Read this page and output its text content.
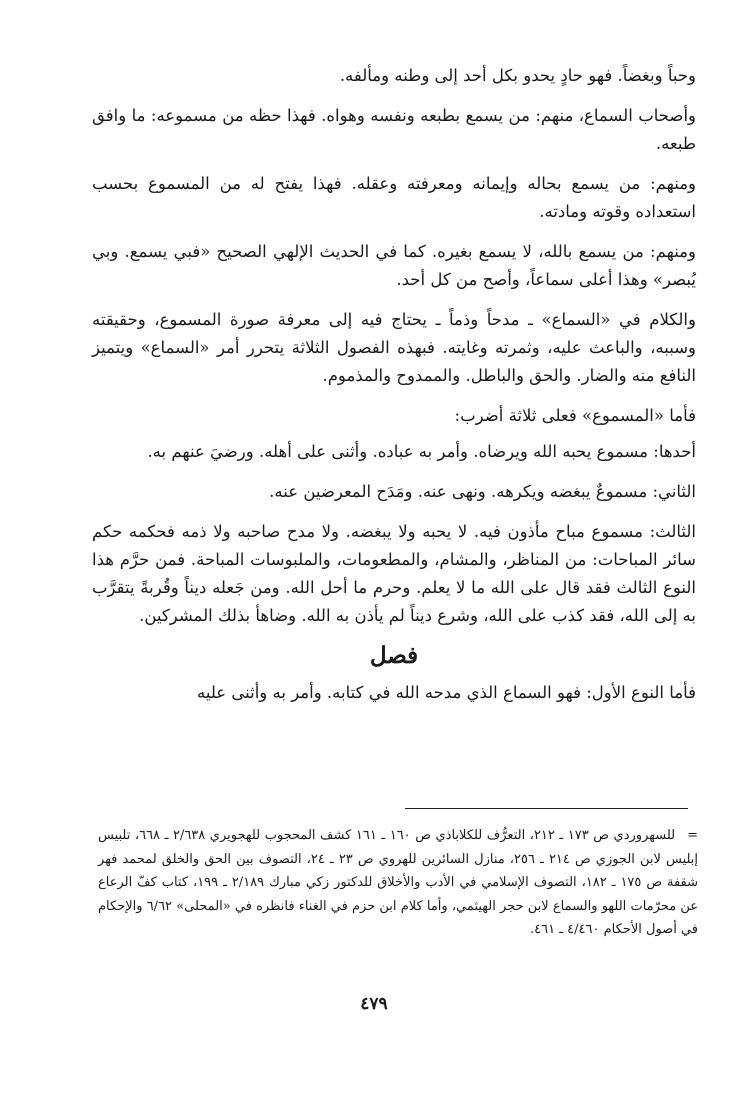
وحباً وبغضاً. فهو حادٍ يحدو بكل أحد إلى وطنه ومألفه.

وأصحاب السماع، منهم: من يسمع بطبعه ونفسه وهواه. فهذا حظه من مسموعه: ما وافق طبعه.

ومنهم: من يسمع بحاله وإيمانه ومعرفته وعقله. فهذا يفتح له من المسموع بحسب استعداده وقوته ومادته.

ومنهم: من يسمع بالله، لا يسمع بغيره. كما في الحديث الإلهي الصحيح «فبي يسمع. وبي يُبصر» وهذا أعلى سماعاً، وأصح من كل أحد.

والكلام في «السماع» ـ مدحاً وذماً ـ يحتاج فيه إلى معرفة صورة المسموع، وحقيقته وسببه، والباعث عليه، وثمرته وغايته. فبهذه الفصول الثلاثة يتحرر أمر «السماع» ويتميز النافع منه والضار. والحق والباطل. والممدوح والمذموم.

فأما «المسموع» فعلى ثلاثة أضرب:

أحدها: مسموع يحبه الله ويرضاه. وأمر به عباده. وأثنى على أهله. ورضيَ عنهم به.

الثاني: مسموعٌ يبغضه ويكرهه. ونهى عنه. ومَدَح المعرضين عنه.

الثالث: مسموع مباح مأذون فيه. لا يحبه ولا يبغضه. ولا مدح صاحبه ولا ذمه فحكمه حكم سائر المباحات: من المناظر، والمشام، والمطعومات، والملبوسات المباحة. فمن حرَّم هذا النوع الثالث فقد قال على الله ما لا يعلم. وحرم ما أحل الله. ومن جَعله ديناً وقُربةً يتقرَّب به إلى الله، فقد كذب على الله، وشرع ديناً لم يأذن به الله. وضاهأ بذلك المشركين.

فصل

فأما النوع الأول: فهو السماع الذي مدحه الله في كتابه. وأمر به وأثنى عليه

=للسهروردي ص ١٧٣ ـ ٢١٢، التعرُّف للكلاباذي ص ١٦٠ ـ ١٦١ كشف المحجوب للهجويري ٢/٦٣٨ ـ ٦٦٨، تلبيس إبليس لابن الجوزي ص ٢١٤ ـ ٢٥٦، منازل السائرين للهروي ص ٢٣ ـ ٢٤، التصوف بين الحق والخلق لمحمد فهر شقفة ص ١٧٥ ـ ١٨٢، التصوف الإسلامي في الأدب والأخلاق للدكتور زكي مبارك ٢/١٨٩ ـ ١٩٩، كتاب كفّ الرعاع عن محرّمات اللهو والسماع لابن حجر الهيثمي، وأما كلام ابن حزم في الغناء فانظره في «المحلى» ٦/٦٢ والإحكام في أصول الأحكام ٤/٤٦٠ ـ ٤٦١.
٤٧٩
